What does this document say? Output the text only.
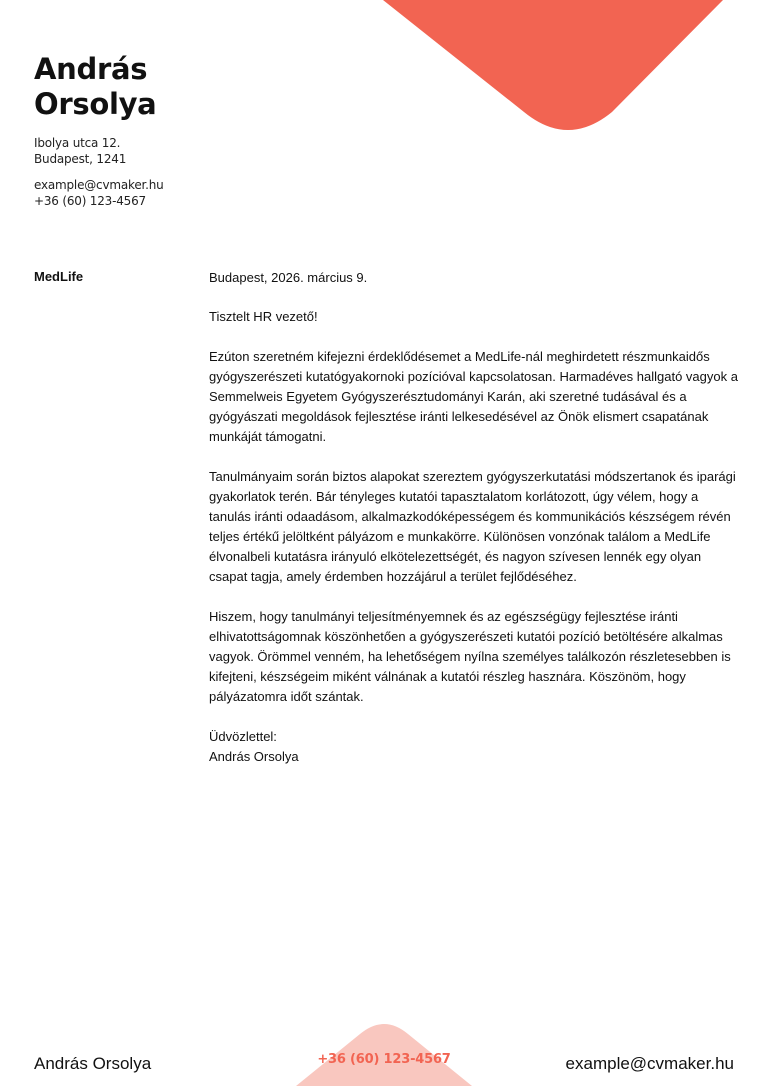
András
Orsolya
Ibolya utca 12.
Budapest, 1241
example@cvmaker.hu
+36 (60) 123-4567
MedLife	Budapest, 2026. március 9.

Tisztelt HR vezető!

Ezúton szeretném kifejezni érdeklődésemet a MedLife-nál meghirdetett részmunkaidős gyógyszerészeti kutatógyakornoki pozícióval kapcsolatosan. Harmadéves hallgató vagyok a Semmelweis Egyetem Gyógyszerésztudományi Karán, aki szeretné tudásával és a gyógyászati megoldások fejlesztése iránti lelkesedésével az Önök elismert csapatának munkáját támogatni.

Tanulmányaim során biztos alapokat szereztem gyógyszerkutatási módszertanok és iparági gyakorlatok terén. Bár tényleges kutatói tapasztalatom korlátozott, úgy vélem, hogy a tanulás iránti odaadásom, alkalmazkodóképességem és kommunikációs készségem révén teljes értékű jelöltként pályázom e munkakörre. Különösen vonzónak találom a MedLife élvonalbeli kutatásra irányuló elkötelezettségét, és nagyon szívesen lennék egy olyan csapat tagja, amely érdemben hozzájárul a terület fejlődéséhez.

Hiszem, hogy tanulmányi teljesítményemnek és az egészségügy fejlesztése iránti elhivatottságomnak köszönhetően a gyógyszerészeti kutatói pozíció betöltésére alkalmas vagyok. Örömmel venném, ha lehetőségem nyílna személyes találkozón részletesebben is kifejteni, készségeim miként válnának a kutatói részleg hasznára. Köszönöm, hogy pályázatomra időt szántak.

Üdvözlettel:
András Orsolya

András Orsolya	+36 (60) 123-4567	example@cvmaker.hu
